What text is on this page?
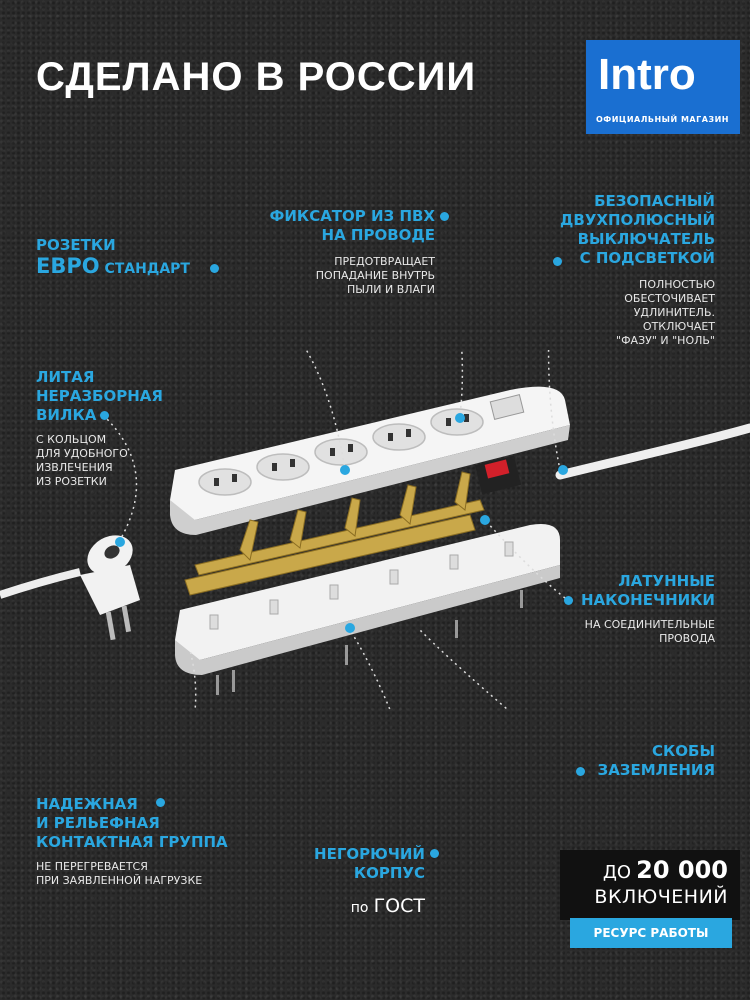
СДЕЛАНО В РОССИИ	Intro
ОФИЦИАЛЬНЫЙ МАГАЗИН
РОЗЕТКИ
ЕВРО СТАНДАРТ
ФИКСАТОР ИЗ ПВХ
НА ПРОВОДЕ
ПРЕДОТВРАЩАЕТ
ПОПАДАНИЕ ВНУТРЬ
ПЫЛИ И ВЛАГИ
БЕЗОПАСНЫЙ
ДВУХПОЛЮСНЫЙ
ВЫКЛЮЧАТЕЛЬ
С ПОДСВЕТКОЙ
ПОЛНОСТЬЮ
ОБЕСТОЧИВАЕТ
УДЛИНИТЕЛЬ.
ОТКЛЮЧАЕТ
"ФАЗУ" И "НОЛЬ"
ЛИТАЯ
НЕРАЗБОРНАЯ
ВИЛКА
С КОЛЬЦОМ
ДЛЯ УДОБНОГО
ИЗВЛЕЧЕНИЯ
ИЗ РОЗЕТКИ
ЛАТУННЫЕ
НАКОНЕЧНИКИ
НА СОЕДИНИТЕЛЬНЫЕ
ПРОВОДА
СКОБЫ
ЗАЗЕМЛЕНИЯ
НАДЕЖНАЯ
И РЕЛЬЕФНАЯ
КОНТАКТНАЯ ГРУППА
НЕ ПЕРЕГРЕВАЕТСЯ
ПРИ ЗАЯВЛЕННОЙ НАГРУЗКЕ
НЕГОРЮЧИЙ
КОРПУС
по ГОСТ
ДО 20 000
ВКЛЮЧЕНИЙ
РЕСУРС РАБОТЫ
